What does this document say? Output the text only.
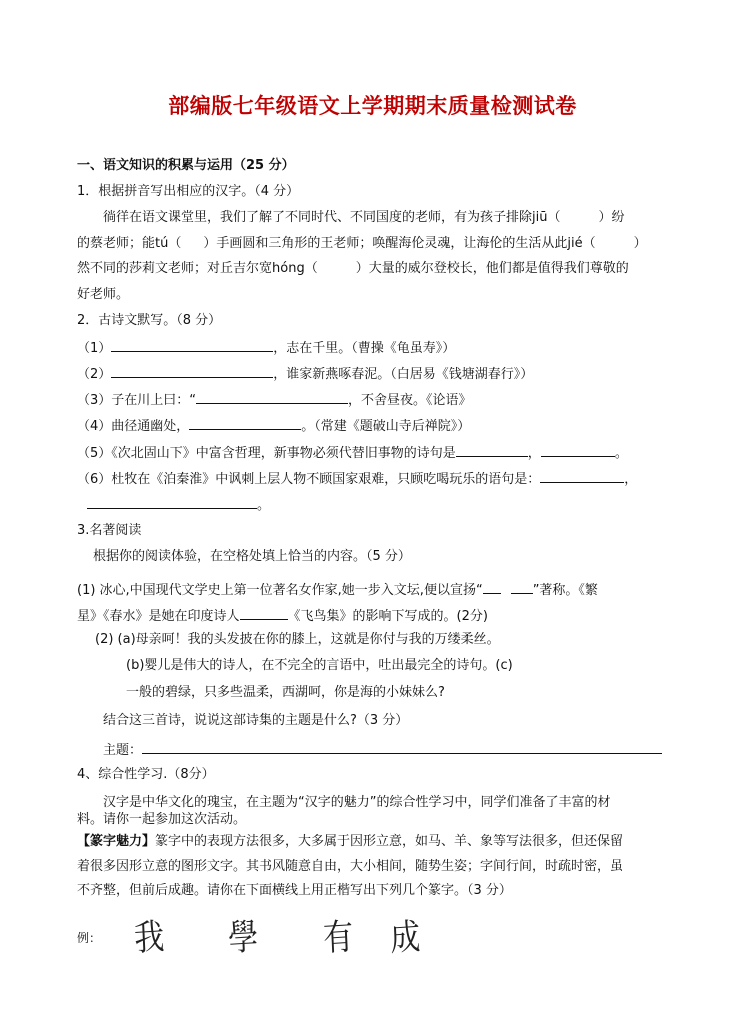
部编版七年级语文上学期期末质量检测试卷
一、语文知识的积累与运用（25 分）
1．根据拼音写出相应的汉字。（4 分）
徜徉在语文课堂里，我们了解了不同时代、不同国度的老师，有为孩子排除jiū（	）纷
的蔡老师；能tú（ ）手画圆和三角形的王老师；唤醒海伦灵魂，让海伦的生活从此jié（	）
然不同的莎莉文老师；对丘吉尔宽hóng（	）大量的威尔登校长，他们都是值得我们尊敬的
好老师。
2．古诗文默写。（8 分）
（1）	，志在千里。（曹操《龟虽寿》）
（2）	，谁家新燕啄春泥。（白居易《钱塘湖春行》）
（3）子在川上曰：“	，不舍昼夜。《论语》
（4）曲径通幽处，	。（常建《题破山寺后禅院》）
（5）《次北固山下》中富含哲理，新事物必须代替旧事物的诗句是	，	。
（6）杜牧在《泊秦淮》中讽刺上层人物不顾国家艰难，只顾吃喝玩乐的语句是：	，
。
3.名著阅读
根据你的阅读体验，在空格处填上恰当的内容。（5 分）
(1) 冰心,中国现代文学史上第一位著名女作家,她一步入文坛,便以宣扬“	”著称。《繁
星》《春水》是她在印度诗人	《飞鸟集》的影响下写成的。(2分)
(2) (a)母亲呵！我的头发披在你的膝上，这就是你付与我的万缕柔丝。
(b)婴儿是伟大的诗人，在不完全的言语中，吐出最完全的诗句。(c)
一般的碧绿，只多些温柔，西湖呵，你是海的小妹妹么?
结合这三首诗，说说这部诗集的主题是什么?（3 分）
主题：
4、综合性学习.（8分）
汉字是中华文化的瑰宝，在主题为“汉字的魅力”的综合性学习中，同学们准备了丰富的材
料。请你一起参加这次活动。
【篆字魅力】篆字中的表现方法很多，大多属于因形立意，如马、羊、象等写法很多，但还保留
着很多因形立意的图形文字。其书风随意自由，大小相间，随势生姿；字间行间，时疏时密，虽
不齐整，但前后成趣。请你在下面横线上用正楷写出下列几个篆字。（3 分）
例： 我 學 有 成
